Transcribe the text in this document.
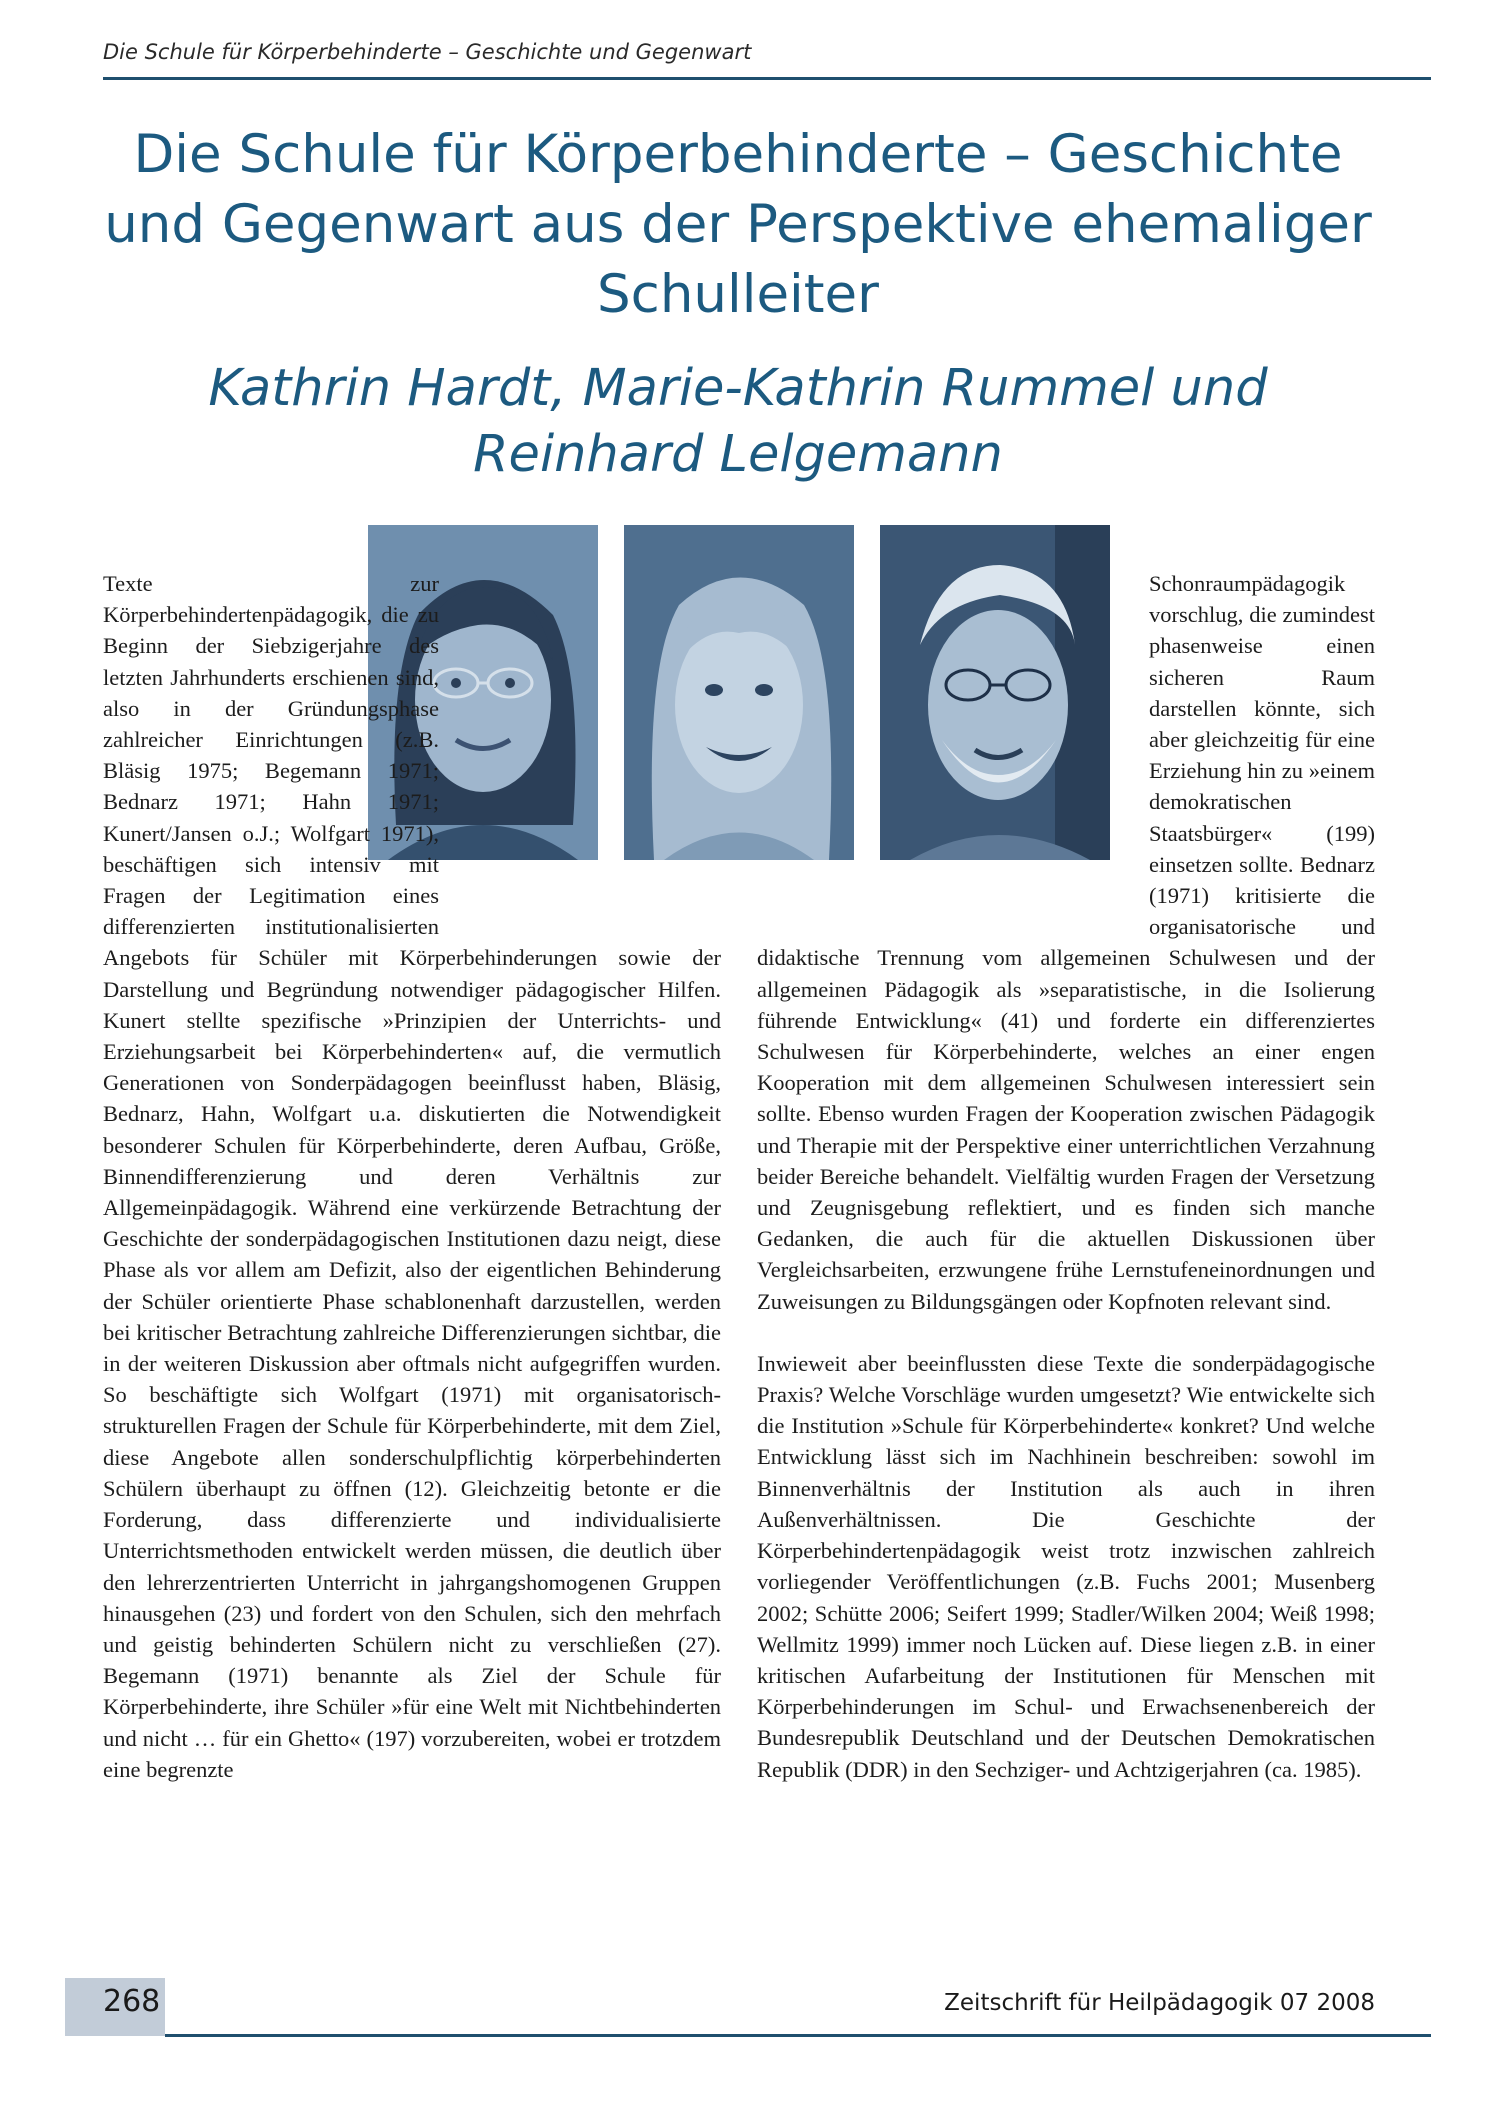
Die Schule für Körperbehinderte – Geschichte und Gegenwart
Die Schule für Körperbehinderte – Geschichte und Gegenwart aus der Perspektive ehemaliger Schulleiter
Kathrin Hardt, Marie-Kathrin Rummel und Reinhard Lelgemann

Texte zur Körperbehindertenpädagogik, die zu Beginn der Siebzigerjahre des letzten Jahrhunderts erschienen sind, also in der Gründungsphase zahlreicher Einrichtungen (z.B. Bläsig 1975; Begemann 1971; Bednarz 1971; Hahn 1971; Kunert/Jansen o.J.; Wolfgart 1971), beschäftigen sich intensiv mit Fragen der Legitimation eines differenzierten institutionalisierten Angebots für Schüler mit Körperbehinderungen sowie der Darstellung und Begründung notwendiger pädagogischer Hilfen. Kunert stellte spezifische »Prinzipien der Unterrichts- und Erziehungsarbeit bei Körperbehinderten« auf, die vermutlich Generationen von Sonderpädagogen beeinflusst haben, Bläsig, Bednarz, Hahn, Wolfgart u.a. diskutierten die Notwendigkeit besonderer Schulen für Körperbehinderte, deren Aufbau, Größe, Binnendifferenzierung und deren Verhältnis zur Allgemeinpädagogik. Während eine verkürzende Betrachtung der Geschichte der sonderpädagogischen Institutionen dazu neigt, diese Phase als vor allem am Defizit, also der eigentlichen Behinderung der Schüler orientierte Phase schablonenhaft darzustellen, werden bei kritischer Betrachtung zahlreiche Differenzierungen sichtbar, die in der weiteren Diskussion aber oftmals nicht aufgegriffen wurden. So beschäftigte sich Wolfgart (1971) mit organisatorisch-strukturellen Fragen der Schule für Körperbehinderte, mit dem Ziel, diese Angebote allen sonderschulpflichtig körperbehinderten Schülern überhaupt zu öffnen (12). Gleichzeitig betonte er die Forderung, dass differenzierte und individualisierte Unterrichtsmethoden entwickelt werden müssen, die deutlich über den lehrerzentrierten Unterricht in jahrgangshomogenen Gruppen hinausgehen (23) und fordert von den Schulen, sich den mehrfach und geistig behinderten Schülern nicht zu verschließen (27). Begemann (1971) benannte als Ziel der Schule für Körperbehinderte, ihre Schüler »für eine Welt mit Nichtbehinderten und nicht … für ein Ghetto« (197) vorzubereiten, wobei er trotzdem eine begrenzte

Schonraumpädagogik vorschlug, die zumindest phasenweise einen sicheren Raum darstellen könnte, sich aber gleichzeitig für eine Erziehung hin zu »einem demokratischen Staatsbürger« (199) einsetzen sollte. Bednarz (1971) kritisierte die organisatorische und didaktische Trennung vom allgemeinen Schulwesen und der allgemeinen Pädagogik als »separatistische, in die Isolierung führende Entwicklung« (41) und forderte ein differenziertes Schulwesen für Körperbehinderte, welches an einer engen Kooperation mit dem allgemeinen Schulwesen interessiert sein sollte. Ebenso wurden Fragen der Kooperation zwischen Pädagogik und Therapie mit der Perspektive einer unterrichtlichen Verzahnung beider Bereiche behandelt. Vielfältig wurden Fragen der Versetzung und Zeugnisgebung reflektiert, und es finden sich manche Gedanken, die auch für die aktuellen Diskussionen über Vergleichsarbeiten, erzwungene frühe Lernstufeneinordnungen und Zuweisungen zu Bildungsgängen oder Kopfnoten relevant sind.

Inwieweit aber beeinflussten diese Texte die sonderpädagogische Praxis? Welche Vorschläge wurden umgesetzt? Wie entwickelte sich die Institution »Schule für Körperbehinderte« konkret? Und welche Entwicklung lässt sich im Nachhinein beschreiben: sowohl im Binnenverhältnis der Institution als auch in ihren Außenverhältnissen. Die Geschichte der Körperbehindertenpädagogik weist trotz inzwischen zahlreich vorliegender Veröffentlichungen (z.B. Fuchs 2001; Musenberg 2002; Schütte 2006; Seifert 1999; Stadler/Wilken 2004; Weiß 1998; Wellmitz 1999) immer noch Lücken auf. Diese liegen z.B. in einer kritischen Aufarbeitung der Institutionen für Menschen mit Körperbehinderungen im Schul- und Erwachsenenbereich der Bundesrepublik Deutschland und der Deutschen Demokratischen Republik (DDR) in den Sechziger- und Achtzigerjahren (ca. 1985).

268	Zeitschrift für Heilpädagogik 07 2008
